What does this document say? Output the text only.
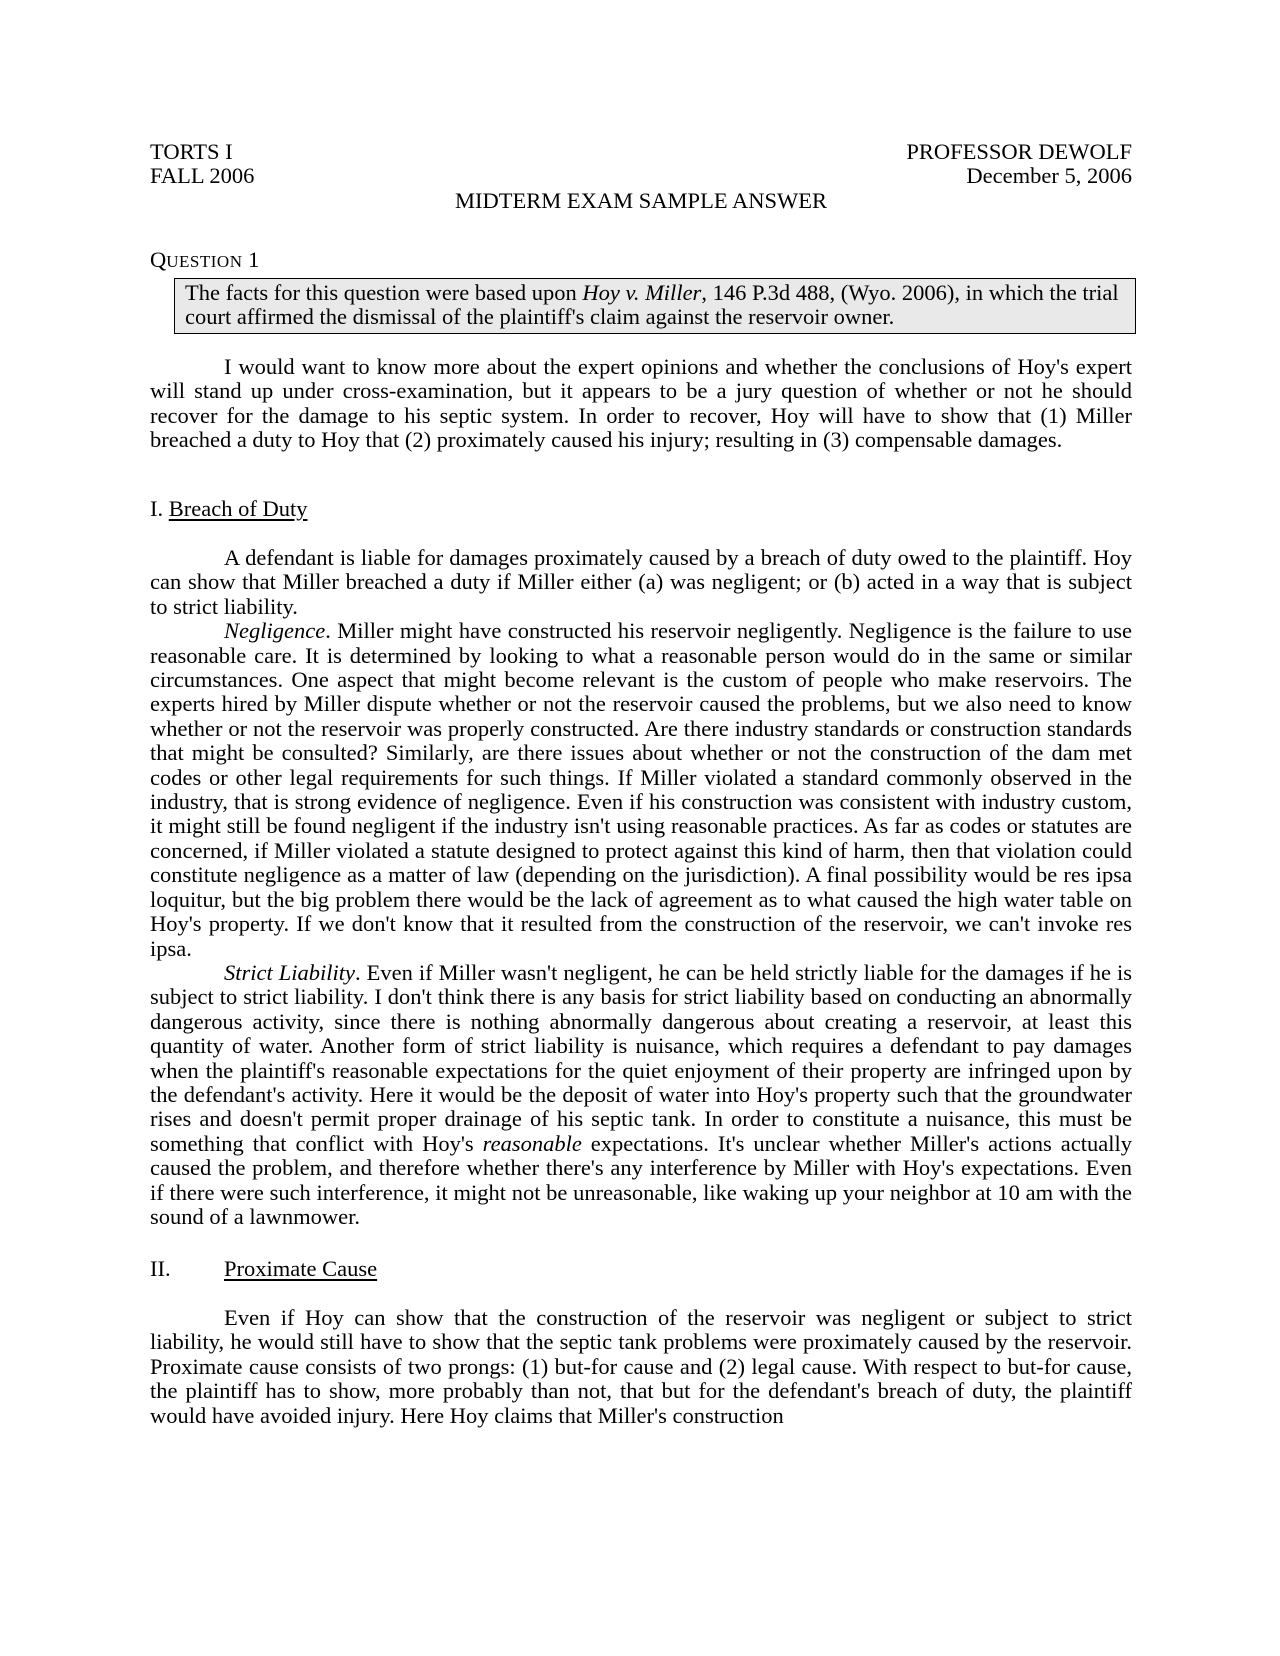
TORTS I	PROFESSOR DEWOLF
FALL 2006	December 5, 2006
MIDTERM EXAM SAMPLE ANSWER
QUESTION 1
The facts for this question were based upon Hoy v. Miller, 146 P.3d 488, (Wyo. 2006), in which the trial court affirmed the dismissal of the plaintiff's claim against the reservoir owner.

I would want to know more about the expert opinions and whether the conclusions of Hoy's expert will stand up under cross-examination, but it appears to be a jury question of whether or not he should recover for the damage to his septic system. In order to recover, Hoy will have to show that (1) Miller breached a duty to Hoy that (2) proximately caused his injury; resulting in (3) compensable damages.

I. Breach of Duty

A defendant is liable for damages proximately caused by a breach of duty owed to the plaintiff. Hoy can show that Miller breached a duty if Miller either (a) was negligent; or (b) acted in a way that is subject to strict liability.

Negligence. Miller might have constructed his reservoir negligently. Negligence is the failure to use reasonable care. It is determined by looking to what a reasonable person would do in the same or similar circumstances. One aspect that might become relevant is the custom of people who make reservoirs. The experts hired by Miller dispute whether or not the reservoir caused the problems, but we also need to know whether or not the reservoir was properly constructed. Are there industry standards or construction standards that might be consulted? Similarly, are there issues about whether or not the construction of the dam met codes or other legal requirements for such things. If Miller violated a standard commonly observed in the industry, that is strong evidence of negligence. Even if his construction was consistent with industry custom, it might still be found negligent if the industry isn't using reasonable practices. As far as codes or statutes are concerned, if Miller violated a statute designed to protect against this kind of harm, then that violation could constitute negligence as a matter of law (depending on the jurisdiction). A final possibility would be res ipsa loquitur, but the big problem there would be the lack of agreement as to what caused the high water table on Hoy's property. If we don't know that it resulted from the construction of the reservoir, we can't invoke res ipsa.

Strict Liability. Even if Miller wasn't negligent, he can be held strictly liable for the damages if he is subject to strict liability. I don't think there is any basis for strict liability based on conducting an abnormally dangerous activity, since there is nothing abnormally dangerous about creating a reservoir, at least this quantity of water. Another form of strict liability is nuisance, which requires a defendant to pay damages when the plaintiff's reasonable expectations for the quiet enjoyment of their property are infringed upon by the defendant's activity. Here it would be the deposit of water into Hoy's property such that the groundwater rises and doesn't permit proper drainage of his septic tank. In order to constitute a nuisance, this must be something that conflict with Hoy's reasonable expectations. It's unclear whether Miller's actions actually caused the problem, and therefore whether there's any interference by Miller with Hoy's expectations. Even if there were such interference, it might not be unreasonable, like waking up your neighbor at 10 am with the sound of a lawnmower.

II. Proximate Cause

Even if Hoy can show that the construction of the reservoir was negligent or subject to strict liability, he would still have to show that the septic tank problems were proximately caused by the reservoir. Proximate cause consists of two prongs: (1) but-for cause and (2) legal cause. With respect to but-for cause, the plaintiff has to show, more probably than not, that but for the defendant's breach of duty, the plaintiff would have avoided injury. Here Hoy claims that Miller's construction
